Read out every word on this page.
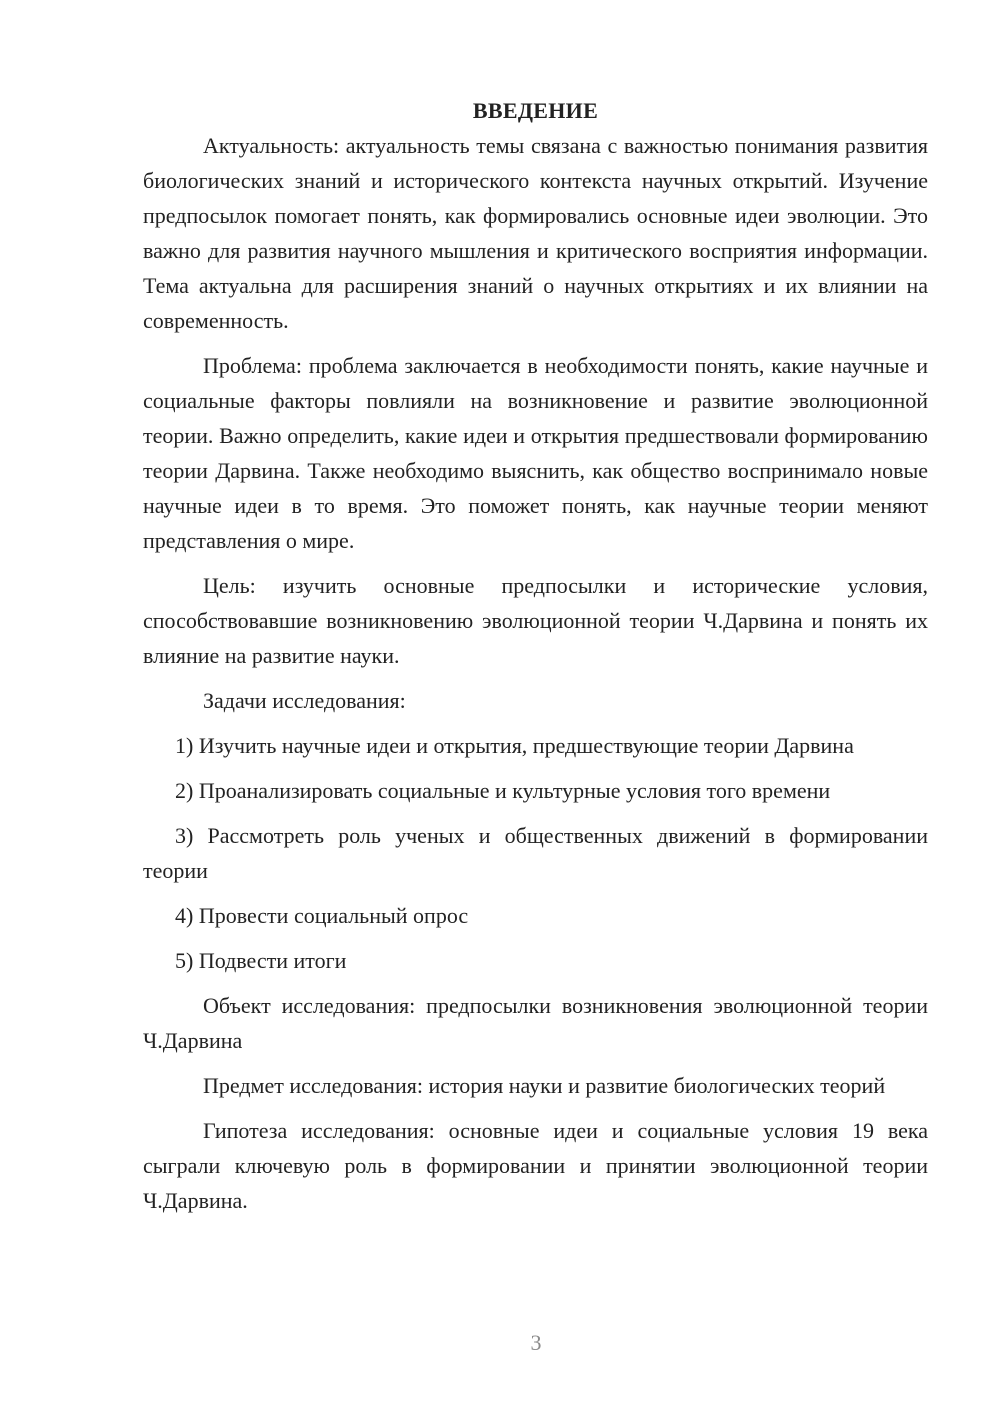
ВВЕДЕНИЕ

Актуальность: актуальность темы связана с важностью понимания развития биологических знаний и исторического контекста научных открытий. Изучение предпосылок помогает понять, как формировались основные идеи эволюции. Это важно для развития научного мышления и критического восприятия информации. Тема актуальна для расширения знаний о научных открытиях и их влиянии на современность.

Проблема: проблема заключается в необходимости понять, какие научные и социальные факторы повлияли на возникновение и развитие эволюционной теории. Важно определить, какие идеи и открытия предшествовали формированию теории Дарвина. Также необходимо выяснить, как общество воспринимало новые научные идеи в то время. Это поможет понять, как научные теории меняют представления о мире.

Цель: изучить основные предпосылки и исторические условия, способствовавшие возникновению эволюционной теории Ч.Дарвина и понять их влияние на развитие науки.

Задачи исследования:

1) Изучить научные идеи и открытия, предшествующие теории Дарвина

2) Проанализировать социальные и культурные условия того времени

3) Рассмотреть роль ученых и общественных движений в формировании теории

4) Провести социальный опрос

5) Подвести итоги

Объект исследования: предпосылки возникновения эволюционной теории Ч.Дарвина

Предмет исследования: история науки и развитие биологических теорий

Гипотеза исследования: основные идеи и социальные условия 19 века сыграли ключевую роль в формировании и принятии эволюционной теории Ч.Дарвина.

3
